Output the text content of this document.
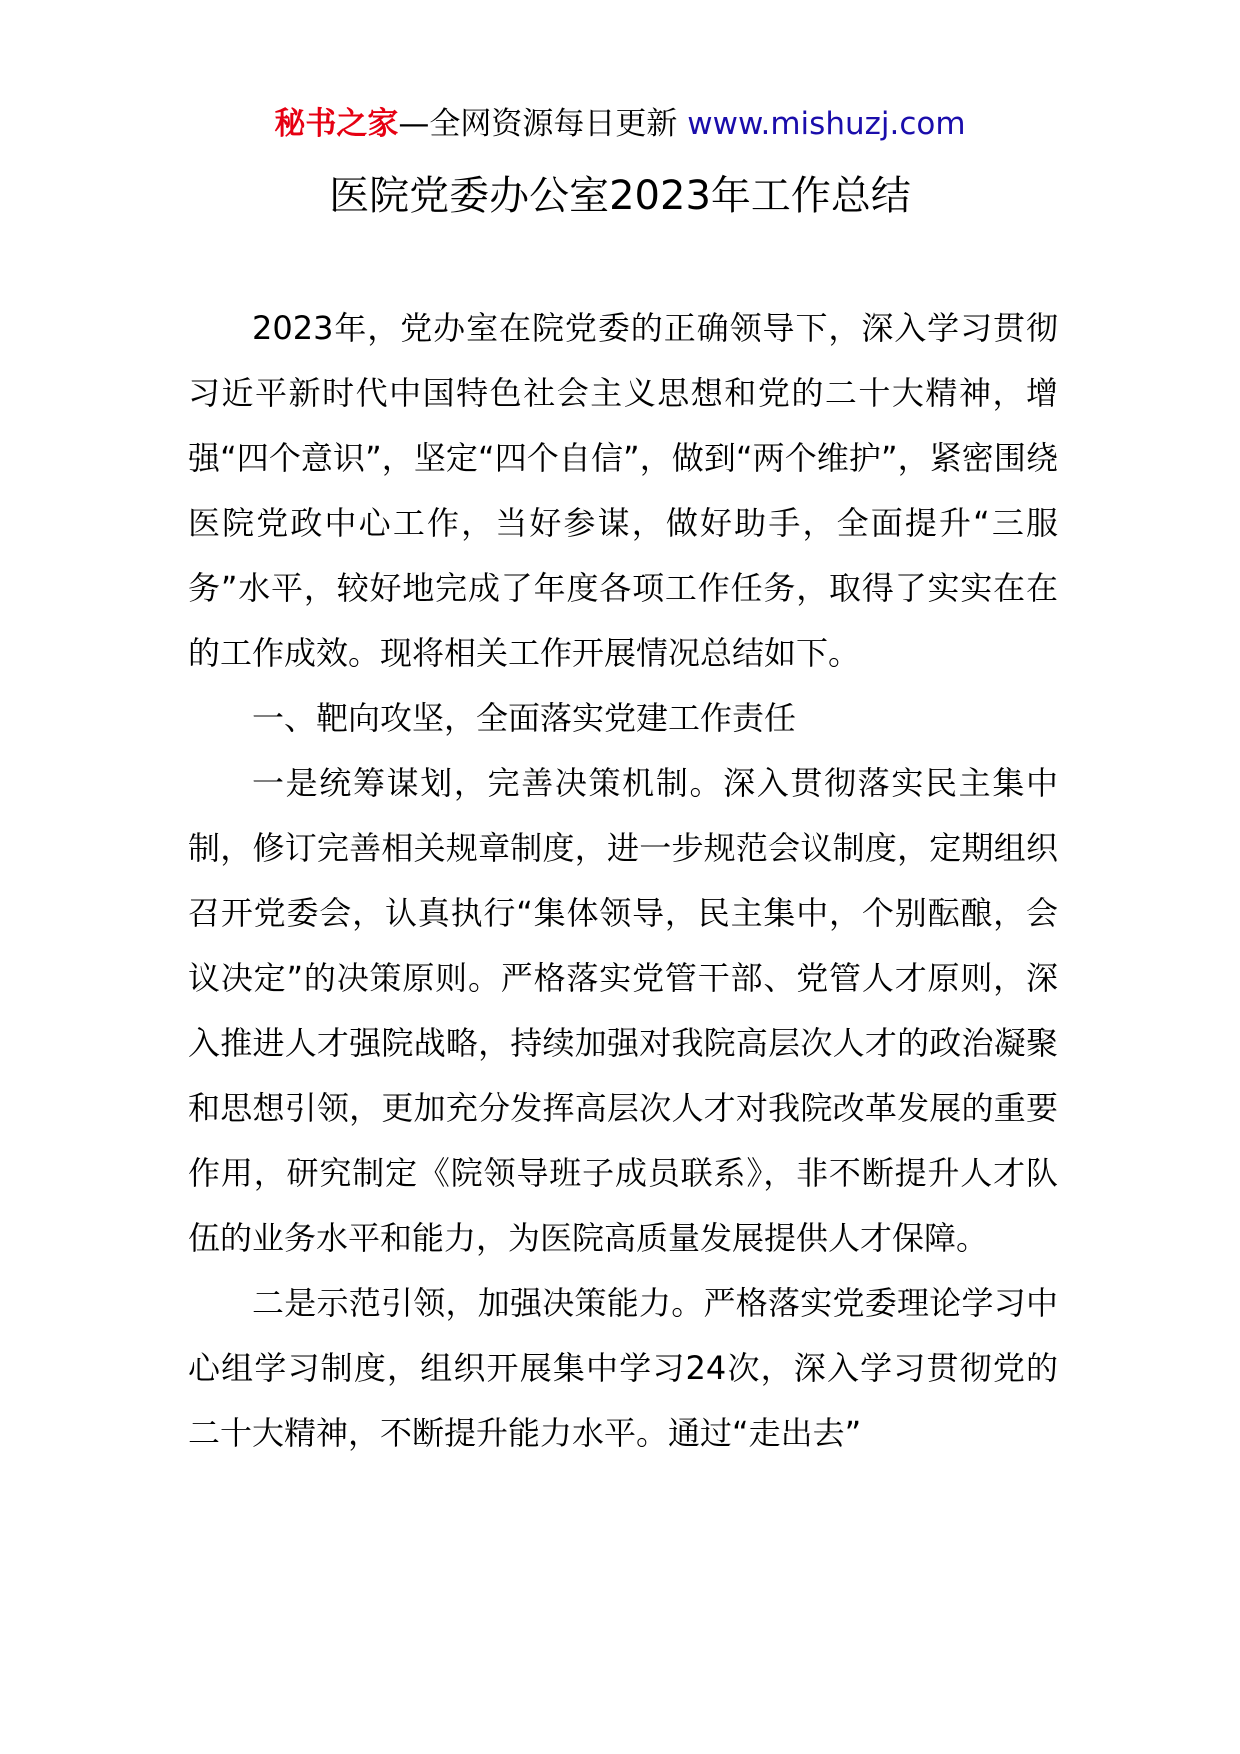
秘书之家—全网资源每日更新 www.mishuzj.com
医院党委办公室2023年工作总结

2023年，党办室在院党委的正确领导下，深入学习贯彻习近平新时代中国特色社会主义思想和党的二十大精神，增强“四个意识”，坚定“四个自信”，做到“两个维护”，紧密围绕医院党政中心工作，当好参谋，做好助手，全面提升“三服务”水平，较好地完成了年度各项工作任务，取得了实实在在的工作成效。现将相关工作开展情况总结如下。

一、靶向攻坚，全面落实党建工作责任

一是统筹谋划，完善决策机制。深入贯彻落实民主集中制，修订完善相关规章制度，进一步规范会议制度，定期组织召开党委会，认真执行“集体领导，民主集中，个别酝酿，会议决定”的决策原则。严格落实党管干部、党管人才原则，深入推进人才强院战略，持续加强对我院高层次人才的政治凝聚和思想引领，更加充分发挥高层次人才对我院改革发展的重要作用，研究制定《院领导班子成员联系》，非不断提升人才队伍的业务水平和能力，为医院高质量发展提供人才保障。

二是示范引领，加强决策能力。严格落实党委理论学习中心组学习制度，组织开展集中学习24次，深入学习贯彻党的二十大精神，不断提升能力水平。通过“走出去”
